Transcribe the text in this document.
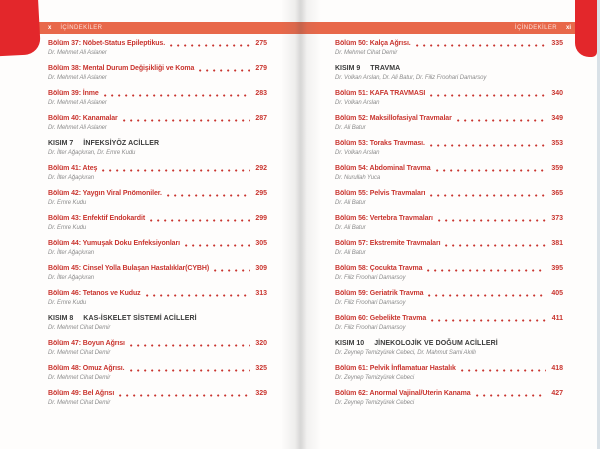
x İÇİNDEKİLER	İÇİNDEKİLER xi
Bölüm 37: Nöbet-Status Epileptikus.	275
Dr. Mehmet Ali Aslaner
Bölüm 38: Mental Durum Değişikliği ve Koma	279
Dr. Mehmet Ali Aslaner
Bölüm 39: İnme	283
Dr. Mehmet Ali Aslaner
Bölüm 40: Kanamalar	287
Dr. Mehmet Ali Aslaner
KISIM 7 İNFEKSİYÖZ ACİLLER
Dr. İlter Ağaçkıran, Dr. Emre Kudu
Bölüm 41: Ateş	292
Dr. İlter Ağaçkıran
Bölüm 42: Yaygın Viral Pnömoniler.	295
Dr. Emre Kudu
Bölüm 43: Enfektif Endokardit	299
Dr. Emre Kudu
Bölüm 44: Yumuşak Doku Enfeksiyonları	305
Dr. İlter Ağaçkıran
Bölüm 45: Cinsel Yolla Bulaşan Hastalıklar(CYBH)	309
Dr. İlter Ağaçkıran
Bölüm 46: Tetanos ve Kuduz	313
Dr. Emre Kudu
KISIM 8 KAS-İSKELET SİSTEMİ ACİLLERİ
Dr. Mehmet Cihat Demir
Bölüm 47: Boyun Ağrısı	320
Dr. Mehmet Cihat Demir
Bölüm 48: Omuz Ağrısı.	325
Dr. Mehmet Cihat Demir
Bölüm 49: Bel Ağrısı	329
Dr. Mehmet Cihat Demir
Bölüm 50: Kalça Ağrısı.	335
Dr. Mehmet Cihat Demir
KISIM 9 TRAVMA
Dr. Volkan Arslan, Dr. Ali Batur, Dr. Filiz Froohari Damarsoy
Bölüm 51: KAFA TRAVMASI	340
Dr. Volkan Arslan
Bölüm 52: Maksillofasiyal Travmalar	349
Dr. Ali Batur
Bölüm 53: Toraks Travması.	353
Dr. Volkan Arslan
Bölüm 54: Abdominal Travma	359
Dr. Nurullah Yuca
Bölüm 55: Pelvis Travmaları	365
Dr. Ali Batur
Bölüm 56: Vertebra Travmaları	373
Dr. Ali Batur
Bölüm 57: Ekstremite Travmaları	381
Dr. Ali Batur
Bölüm 58: Çocukta Travma	395
Dr. Filiz Froohari Damarsoy
Bölüm 59: Geriatrik Travma	405
Dr. Filiz Froohari Damarsoy
Bölüm 60: Gebelikte Travma	411
Dr. Filiz Froohari Damarsoy
KISIM 10 JİNEKOLOJİK VE DOĞUM ACİLLERİ
Dr. Zeynep Temizyürek Cebeci, Dr. Mahmut Sami Akıllı
Bölüm 61: Pelvik İnflamatuar Hastalık	418
Dr. Zeynep Temizyürek Cebeci
Bölüm 62: Anormal Vajinal/Uterin Kanama	427
Dr. Zeynep Temizyürek Cebeci
